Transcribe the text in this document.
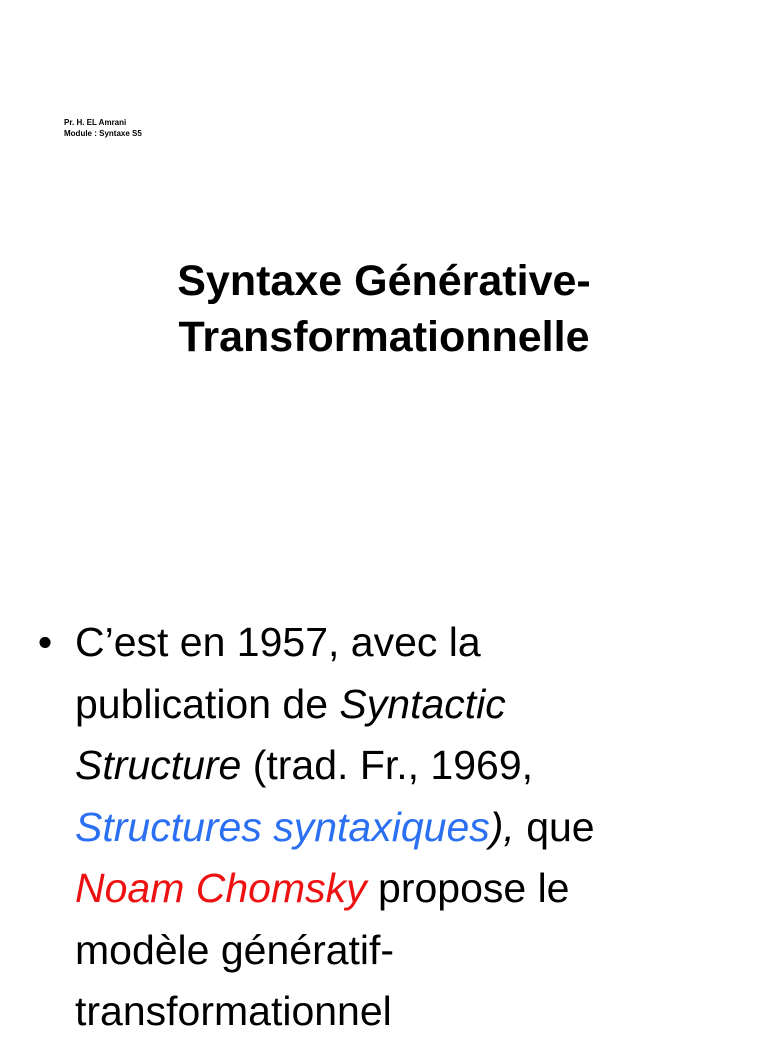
Pr. H. EL Amrani
Module : Syntaxe S5
Syntaxe Générative-
Transformationnelle
• C’est en 1957, avec la
publication de Syntactic
Structure (trad. Fr., 1969,
Structures syntaxiques), que
Noam Chomsky propose le
modèle génératif-
transformationnel
